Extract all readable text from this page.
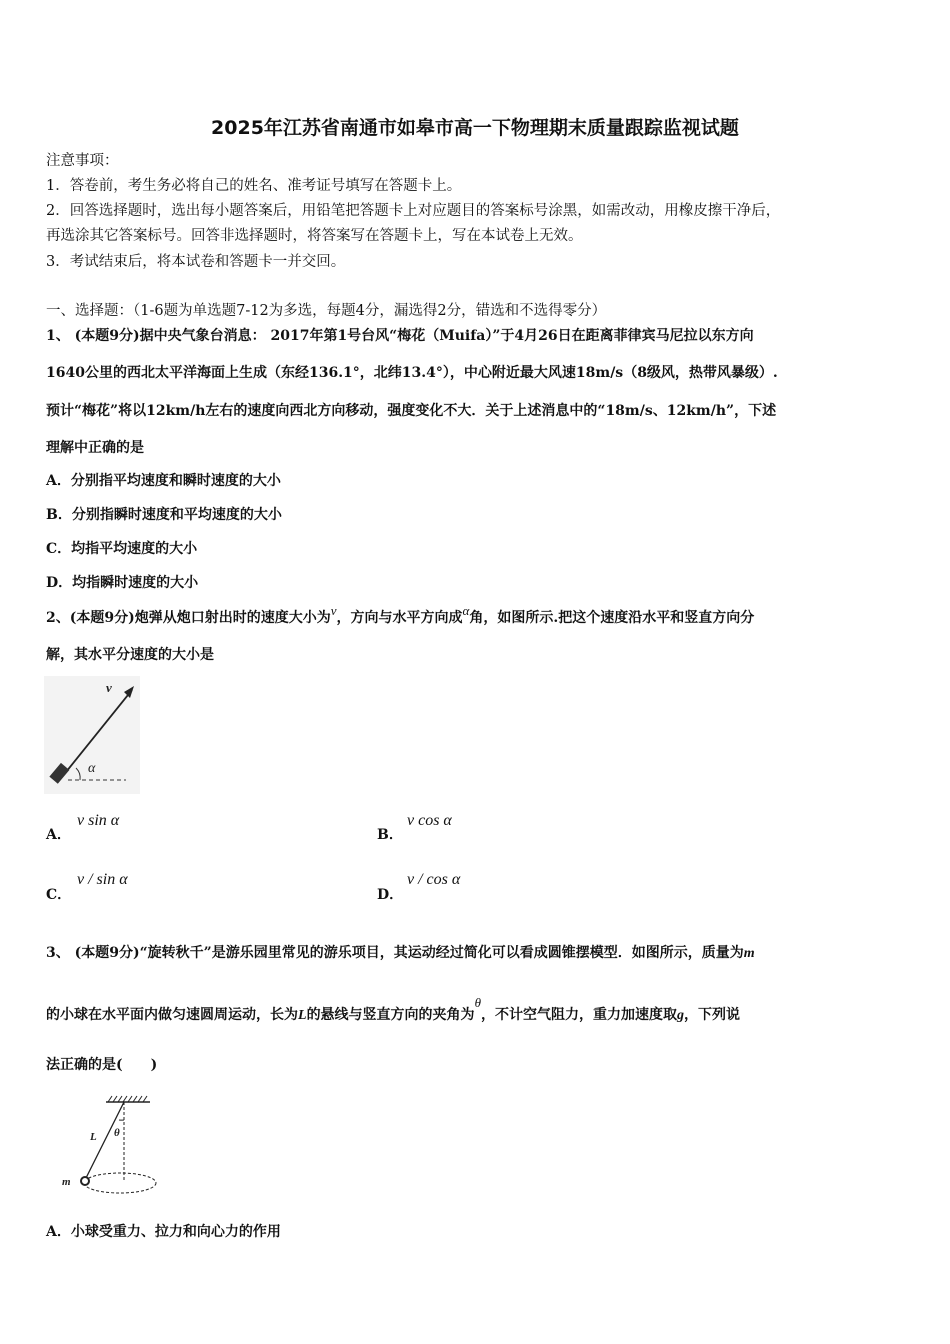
2025年江苏省南通市如皋市高一下物理期末质量跟踪监视试题
注意事项：
1．答卷前，考生务必将自己的姓名、准考证号填写在答题卡上。
2．回答选择题时，选出每小题答案后，用铅笔把答题卡上对应题目的答案标号涂黑，如需改动，用橡皮擦干净后，
再选涂其它答案标号。回答非选择题时，将答案写在答题卡上，写在本试卷上无效。
3．考试结束后，将本试卷和答题卡一并交回。
一、选择题：（1-6题为单选题7-12为多选，每题4分，漏选得2分，错选和不选得零分）
1、 (本题9分)据中央气象台消息： 2017年第1号台风“梅花（Muifa）”于4月26日在距离菲律宾马尼拉以东方向
1640公里的西北太平洋海面上生成（东经136.1°，北纬13.4°），中心附近最大风速18m/s（8级风，热带风暴级）.
预计“梅花”将以12km/h左右的速度向西北方向移动，强度变化不大．关于上述消息中的“18m/s、12km/h”，下述
理解中正确的是
A．分别指平均速度和瞬时速度的大小
B．分别指瞬时速度和平均速度的大小
C．均指平均速度的大小
D．均指瞬时速度的大小
2、(本题9分)炮弹从炮口射出时的速度大小为v，方向与水平方向成α角，如图所示.把这个速度沿水平和竖直方向分
解，其水平分速度的大小是
v
α
A．
v sin α
B．
v cos α
C．
v / sin α
D．
v / cos α
3、 (本题9分)“旋转秋千”是游乐园里常见的游乐项目，其运动经过简化可以看成圆锥摆模型．如图所示，质量为m
的小球在水平面内做匀速圆周运动，长为L的悬线与竖直方向的夹角为θ，不计空气阻力，重力加速度取g，下列说
法正确的是(　　)
L θ
m
A．小球受重力、拉力和向心力的作用
